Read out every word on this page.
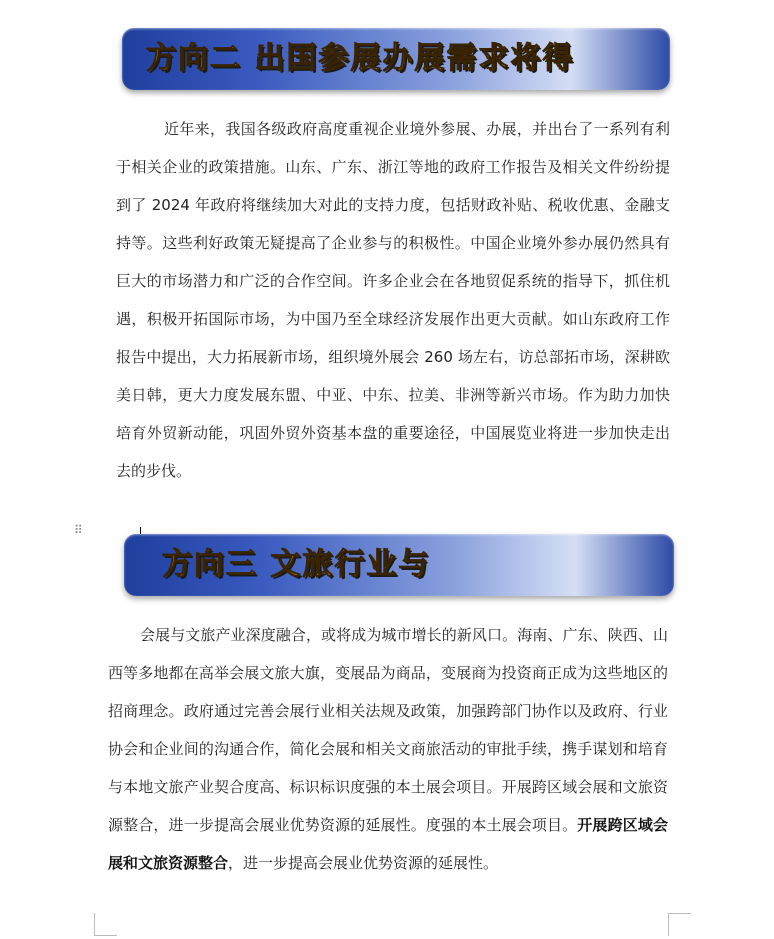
方向二 出国参展办展需求将得

近年来，我国各级政府高度重视企业境外参展、办展，并出台了一系列有利于相关企业的政策措施。山东、广东、浙江等地的政府工作报告及相关文件纷纷提到了 2024 年政府将继续加大对此的支持力度，包括财政补贴、税收优惠、金融支持等。这些利好政策无疑提高了企业参与的积极性。中国企业境外参办展仍然具有巨大的市场潜力和广泛的合作空间。许多企业会在各地贸促系统的指导下，抓住机遇，积极开拓国际市场，为中国乃至全球经济发展作出更大贡献。如山东政府工作报告中提出，大力拓展新市场，组织境外展会 260 场左右，访总部拓市场，深耕欧美日韩，更大力度发展东盟、中亚、中东、拉美、非洲等新兴市场。作为助力加快培育外贸新动能，巩固外贸外资基本盘的重要途径，中国展览业将进一步加快走出去的步伐。

⠿
方向三 文旅行业与

会展与文旅产业深度融合，或将成为城市增长的新风口。海南、广东、陕西、山西等多地都在高举会展文旅大旗，变展品为商品，变展商为投资商正成为这些地区的招商理念。政府通过完善会展行业相关法规及政策，加强跨部门协作以及政府、行业协会和企业间的沟通合作，简化会展和相关文商旅活动的审批手续，携手谋划和培育与本地文旅产业契合度高、标识标识度强的本土展会项目。开展跨区域会展和文旅资源整合，进一步提高会展业优势资源的延展性。度强的本土展会项目。开展跨区域会展和文旅资源整合，进一步提高会展业优势资源的延展性。
